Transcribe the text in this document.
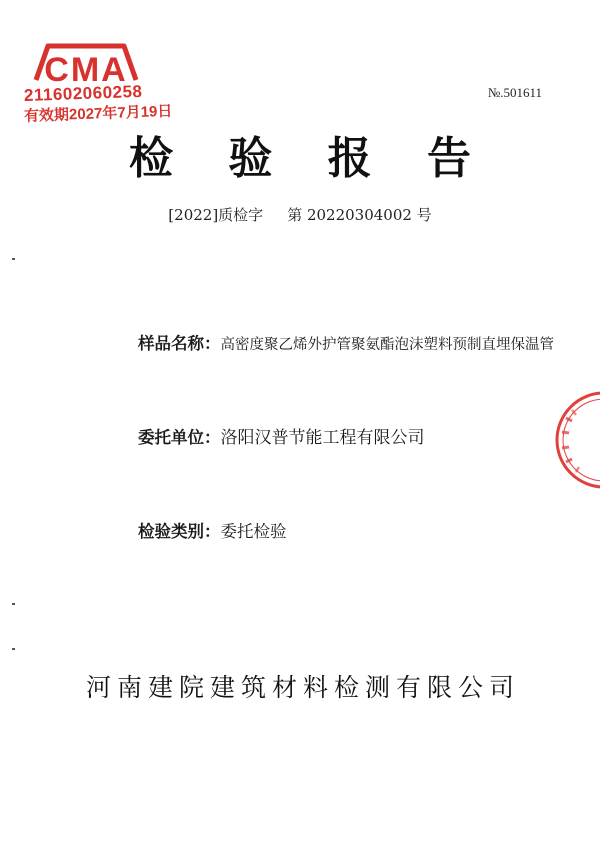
CMA
211602060258
有效期2027年7月19日
№.501611
检 验 报 告
[2022]质检字 第 20220304002 号
样品名称：高密度聚乙烯外护管聚氨酯泡沫塑料预制直埋保温管
委托单位：洛阳汉普节能工程有限公司
检验类别：委托检验
河南建院建筑材料检测有限公司
